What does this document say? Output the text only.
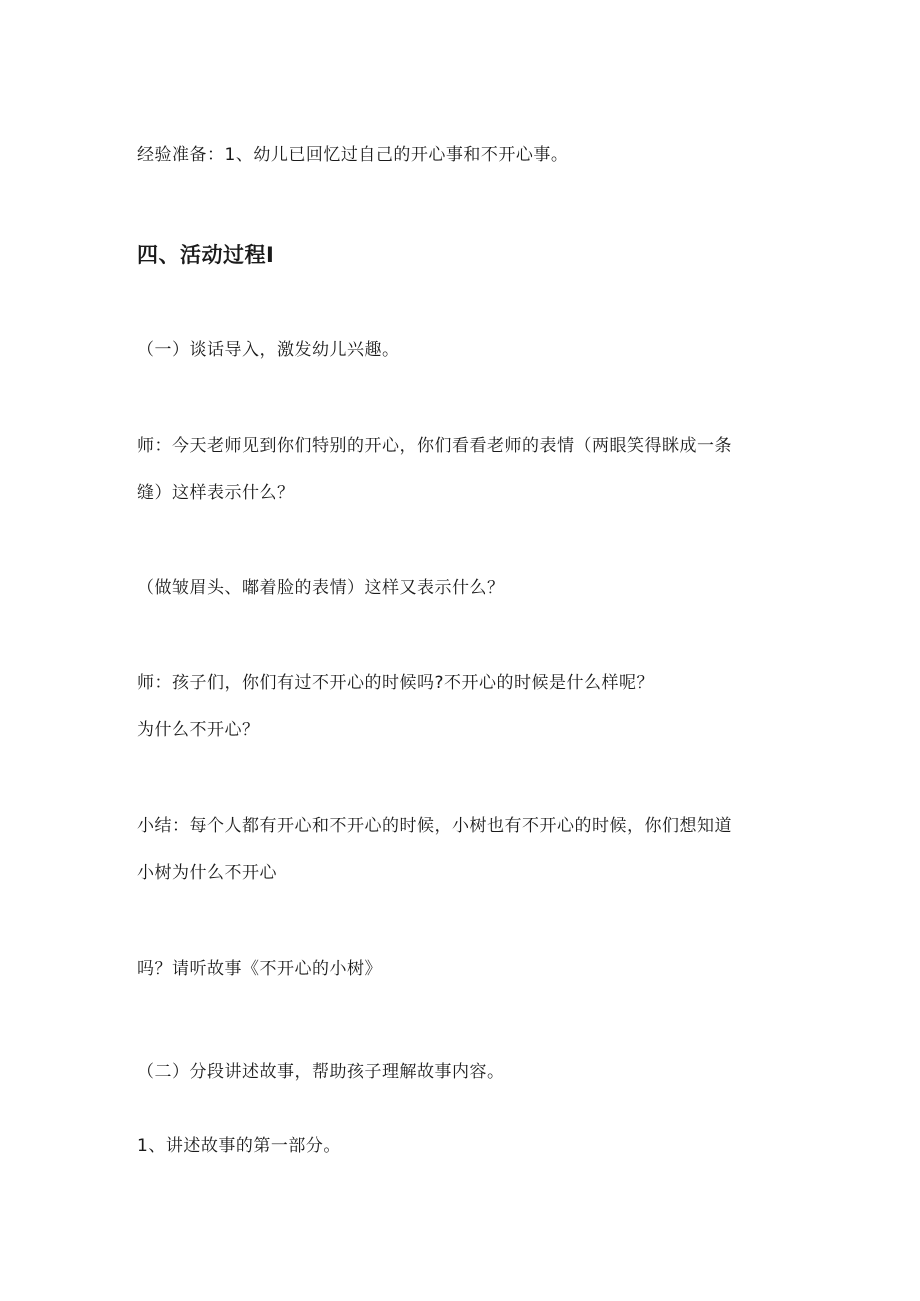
经验准备：1、幼儿已回忆过自己的开心事和不开心事。
四、活动过程I
（一）谈话导入，激发幼儿兴趣。
师：今天老师见到你们特别的开心，你们看看老师的表情（两眼笑得眯成一条
缝）这样表示什么？
（做皱眉头、嘟着脸的表情）这样又表示什么？
师：孩子们，你们有过不开心的时候吗?不开心的时候是什么样呢？
为什么不开心？
小结：每个人都有开心和不开心的时候，小树也有不开心的时候，你们想知道
小树为什么不开心
吗？请听故事《不开心的小树》
（二）分段讲述故事，帮助孩子理解故事内容。
1、讲述故事的第一部分。
